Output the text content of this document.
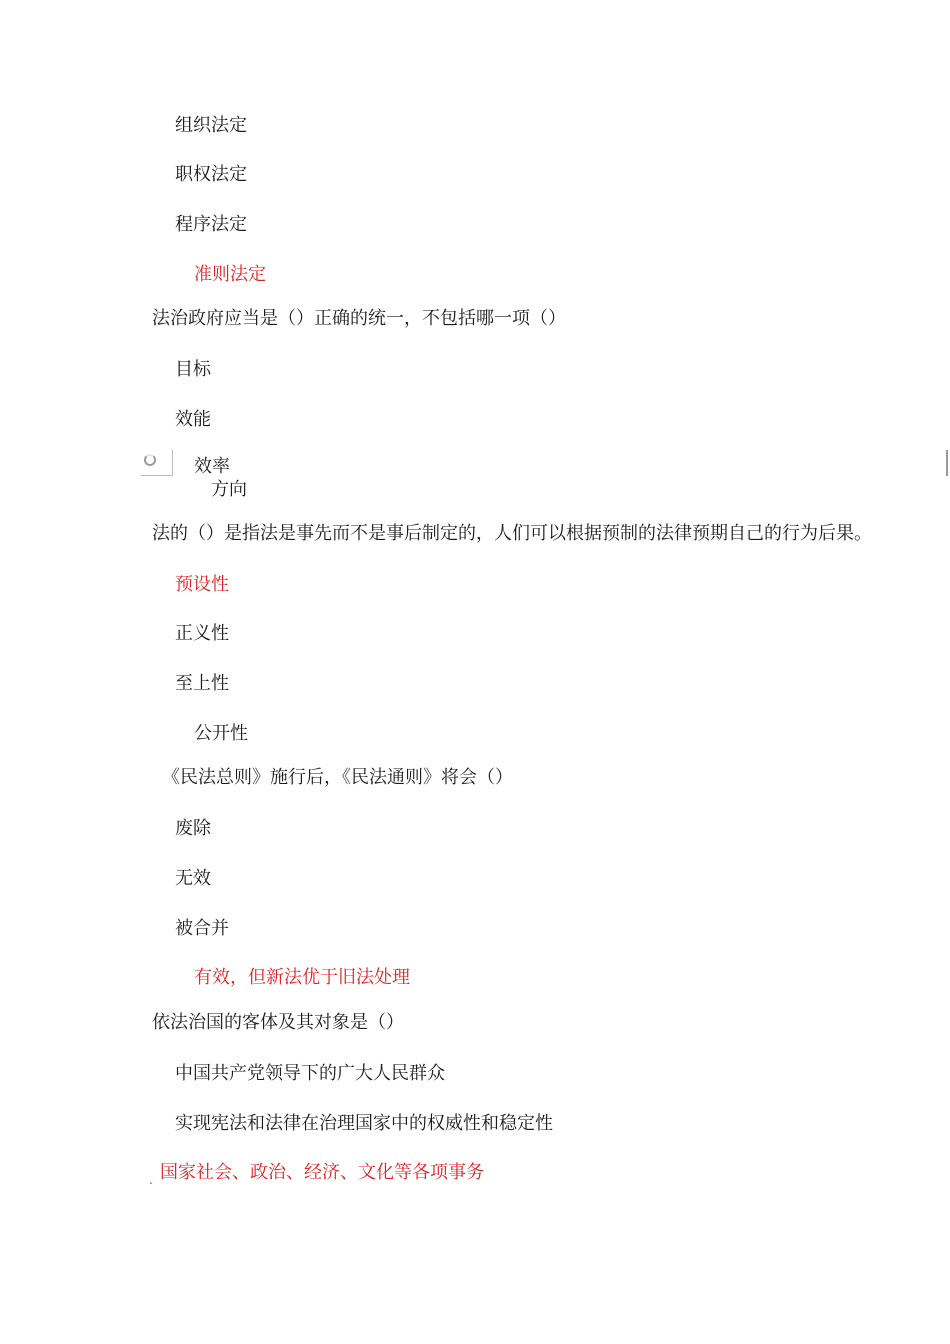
组织法定
职权法定
程序法定
准则法定
法治政府应当是（）正确的统一，不包括哪一项（）
目标
效能
效率
方向
法的（）是指法是事先而不是事后制定的，人们可以根据预制的法律预期自己的行为后果。
预设性
正义性
至上性
公开性
《民法总则》施行后，《民法通则》将会（）
废除
无效
被合并
有效，但新法优于旧法处理
依法治国的客体及其对象是（）
中国共产党领导下的广大人民群众
实现宪法和法律在治理国家中的权威性和稳定性
. 国家社会、政治、经济、文化等各项事务
